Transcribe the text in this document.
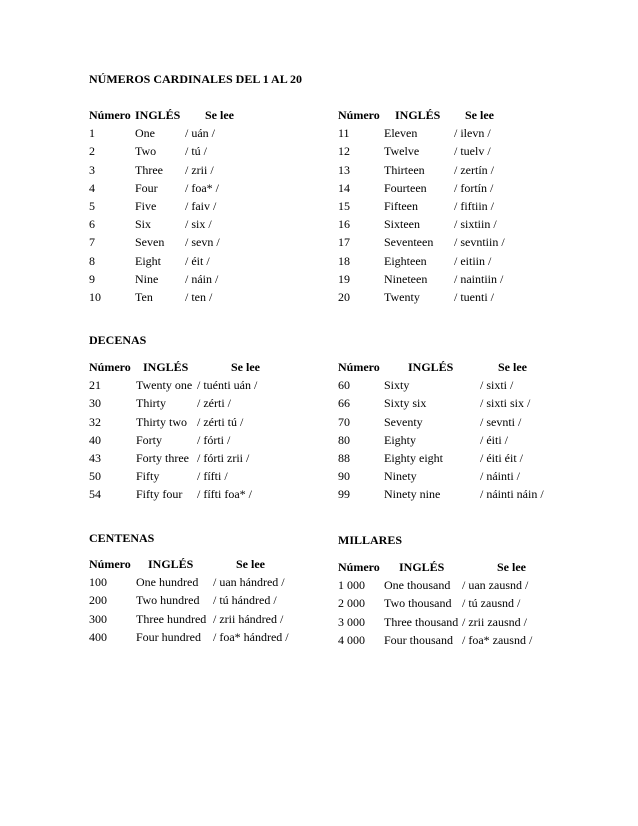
NÚMEROS CARDINALES DEL 1 AL 20
Número INGLÉS Se lee
1	One	/ uán /
2	Two / tú /
3	Three / zrii /
4	Four / foa* /
5	Five / faiv /
6	Six	/ six /
7	Seven / sevn /
8	Eight / éit /
9	Nine / náin /
10	Ten	/ ten /
Número INGLÉS Se lee
11	Eleven	/ ilevn /
12	Twelve	/ tuelv /
13	Thirteen / zertín /
14	Fourteen / fortín /
15	Fifteen	/ fiftiin /
16	Sixteen	/ sixtiin /
17	Seventeen / sevntiin /
18	Eighteen / eitiin /
19	Nineteen / naintiin /
20	Twenty	/ tuenti /
DECENAS
Número INGLÉS	Se lee
21	Twenty one / tuénti uán /
30	Thirty	/ zérti /
32	Thirty two / zérti tú /
40	Forty	/ fórti /
43	Forty three / fórti zrii /
50	Fifty	/ fífti /
54	Fifty four / fífti foa* /
Número INGLÉS	Se lee
60	Sixty	/ sixti /
66	Sixty six	/ sixti six /
70	Seventy	/ sevnti /
80	Eighty	/ éiti /
88	Eighty eight	/ éiti éit /
90	Ninety	/ náinti /
99	Ninety nine	/ náinti náin /
CENTENAS
Número INGLÉS	Se lee
100 One hundred / uan hándred /
200 Two hundred / tú hándred /
300 Three hundred / zrii hándred /
400 Four hundred / foa* hándred /
MILLARES
Número INGLÉS	Se lee
1 000 One thousand / uan zausnd /
2 000 Two thousand / tú zausnd /
3 000 Three thousand / zrii zausnd /
4 000 Four thousand / foa* zausnd /
